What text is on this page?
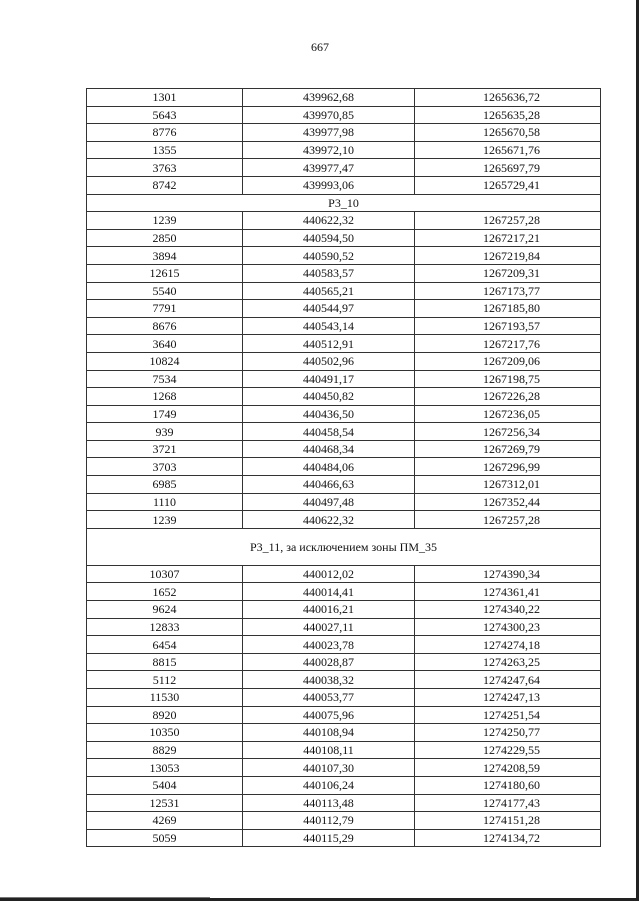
667
1301	439962,68	1265636,72
5643	439970,85	1265635,28
8776	439977,98	1265670,58
1355	439972,10	1265671,76
3763	439977,47	1265697,79
8742	439993,06	1265729,41
Р3_10		
1239	440622,32	1267257,28
2850	440594,50	1267217,21
3894	440590,52	1267219,84
12615	440583,57	1267209,31
5540	440565,21	1267173,77
7791	440544,97	1267185,80
8676	440543,14	1267193,57
3640	440512,91	1267217,76
10824	440502,96	1267209,06
7534	440491,17	1267198,75
1268	440450,82	1267226,28
1749	440436,50	1267236,05
939	440458,54	1267256,34
3721	440468,34	1267269,79
3703	440484,06	1267296,99
6985	440466,63	1267312,01
1110	440497,48	1267352,44
1239	440622,32	1267257,28
Р3_11, за исключением зоны ПМ_35		
10307	440012,02	1274390,34
1652	440014,41	1274361,41
9624	440016,21	1274340,22
12833	440027,11	1274300,23
6454	440023,78	1274274,18
8815	440028,87	1274263,25
5112	440038,32	1274247,64
11530	440053,77	1274247,13
8920	440075,96	1274251,54
10350	440108,94	1274250,77
8829	440108,11	1274229,55
13053	440107,30	1274208,59
5404	440106,24	1274180,60
12531	440113,48	1274177,43
4269	440112,79	1274151,28
5059	440115,29	1274134,72
